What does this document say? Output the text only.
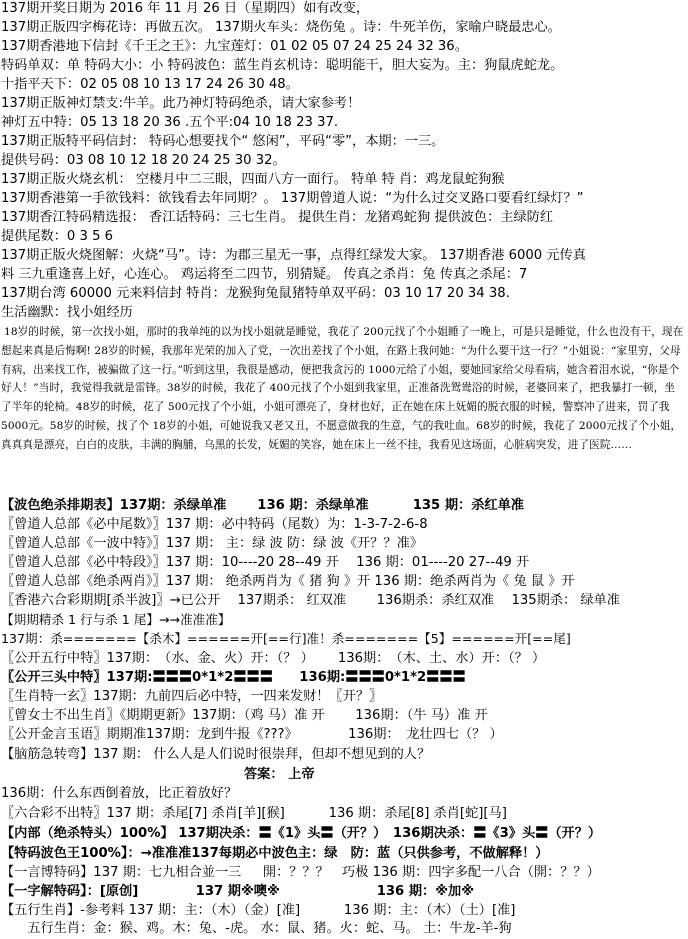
137期开奖日期为 2016 年 11 月 26 日（星期四）如有改变，
137期正版四字梅花诗：再做五次。 137期火车头：烧伤兔 。诗：牛死羊伤，家喻户晓最忠心。
137期香港地下信封《千王之王》：九宝莲灯：01 02 05 07 24 25 24 32 36。
特码单双：单 特码大小：小 特码波色：蓝生肖玄机诗：聪明能干，胆大妄为。主：狗鼠虎蛇龙。
十指平天下：02 05 08 10 13 17 24 26 30 48。
137期正版神灯禁支:牛羊。此乃神灯特码绝杀，请大家参考！
神灯五中特：05 13 18 20 36 .五个平:04 10 18 23 37.
137期正版特平码信封： 特码心想要找个“ 悠闲”，平码“零”，本期：一三。
提供号码：03 08 10 12 18 20 24 25 30 32。
137期正版火烧玄机： 空楼月中二三眼，四面八方一面行。 特单 特 肖：鸡龙鼠蛇狗猴
137期香港第一手欲钱料：欲钱看去年同期？。 137期曾道人说：“为什么过交叉路口要看红绿灯？”
137期香江特码精选报： 香江话特码：三七生肖。 提供生肖：龙猪鸡蛇狗 提供波色：主绿防红
提供尾数：0 3 5 6
137期正版火烧图解：火烧“马”。诗：为郡三星无一事，点得红绿发大家。 137期香港 6000 元传真
料 三九重逢喜上好，心连心。 鸡运将至二四节，别猜疑。 传真之杀肖：兔 传真之杀尾：7
137期台湾 60000 元来料信封 特肖：龙猴狗兔鼠猪特单双平码：03 10 17 20 34 38.
生活幽默：找小姐经历
18岁的时候，第一次找小姐，那时的我单纯的以为找小姐就是睡觉，我花了 200元找了个小姐睡了一晚上，可是只是睡觉，什么也没有干，现在想起来真是后悔啊! 28岁的时候，我那年光荣的加入了党，一次出差找了个小姐，在路上我问她：“为什么要干这一行？”小姐说：“家里穷，父母有病，出来找工作，被骗做了这一行。”听到这里，我很是感动，便把我贪污的 1000元给了小姐，要她回家给父母看病，她含着泪水说，“你是个好人！”当时，我觉得我就是雷锋。38岁的时候，我花了 400元找了个小姐到我家里，正准备洗鸳鸯浴的时候，老婆回来了，把我暴打一顿，坐了半年的轮椅。48岁的时候，花了 500元找了个小姐，小姐可漂亮了，身材也好，正在她在床上妩媚的脱衣服的时候，警察冲了进来，罚了我 5000元。58岁的时候，找了个 18岁的小姐，可她说我又老又丑，不愿意做我的生意，气的我吐血。68岁的时候，我花了 2000元找了个小姐，真真真是漂亮，白白的皮肤，丰满的胸脯，乌黑的长发，妩媚的笑容，她在床上一丝不挂，我看见这场面，心脏病突发，进了医院……
【波色绝杀排期表】137期：杀绿单准　　 136 期：杀绿单准　　　 135 期：杀红单准
〖曾道人总部《必中尾数》〗137 期：必中特码（尾数）为：1-3-7-2-6-8
〖曾道人总部《一波中特》〗137 期： 主：绿 波 防：绿 波《开？？准》
〖曾道人总部《必中特段》〗137 期：10----20 28--49 开　 136 期：01----20 27--49 开
〖曾道人总部《绝杀两肖》〗137 期： 绝杀两肖为《 猪 狗 》开 136 期：绝杀两肖为《 兔 鼠 》开
〖香港六合彩期期[杀半波]〗→已公开　 137期杀： 红双准　　 136期杀：杀红双准　 135期杀： 绿单准
【期期精杀 1 行与杀 1 尾】→→准准准】
137期：杀=======【杀木】======开[==行]准！杀=======【5】======开[==尾]
〖公开五行中特〗137期：　（水、金、火）开：（？ ）　　 136期：　（木、土、水）开：（？ ）
〖公开三头中特〗137期:〓〓〓0*1*2〓〓〓　　136期:〓〓〓0*1*2〓〓〓
〖生肖特一玄〗137期：九前四后必中特，一四来发财！〖开？〗
〖曾女士不出生肖〗《期期更新》137期：（鸡 马）准 开　　 136期：（牛 马）准 开
〖公开金言玉语〗期期准137期：龙到牛报《???》　　　　 136期：　龙壮四七（？ ）
【脑筋急转弯】137 期： 什么人是人们说时很崇拜，但却不想见到的人？
答案： 上帝
136期：什么东西倒着放，比正着放好？
〖六合彩不出特〗137 期：杀尾[7] 杀肖[羊][猴]　　　 136 期：杀尾[8] 杀肖[蛇][马]
【内部（绝杀特头）100%】 137期决杀：〓《1》头〓（开？）　136期决杀：〓《3》头〓（开？）
【特码波色王100%】：→准准准137每期必中波色主：绿　防：蓝（只供参考，不做解释！）
【一言博特码】137 期：七九相合並一三 　 開：？？？　巧极 136 期：四字多配一八合（開：？？）
【一字解特码】：[原创]　　　　 137 期※噢※　　　　　　　 136 期：※加※
【五行生肖】-参考料 137 期：主：（木）（金）[准]　　　 136 期：主：（木）（土）[准]
　　五行生肖：金：猴、鸡。木：兔、-虎。 水：鼠、猪。火：蛇、马。 土：牛龙-羊-狗
